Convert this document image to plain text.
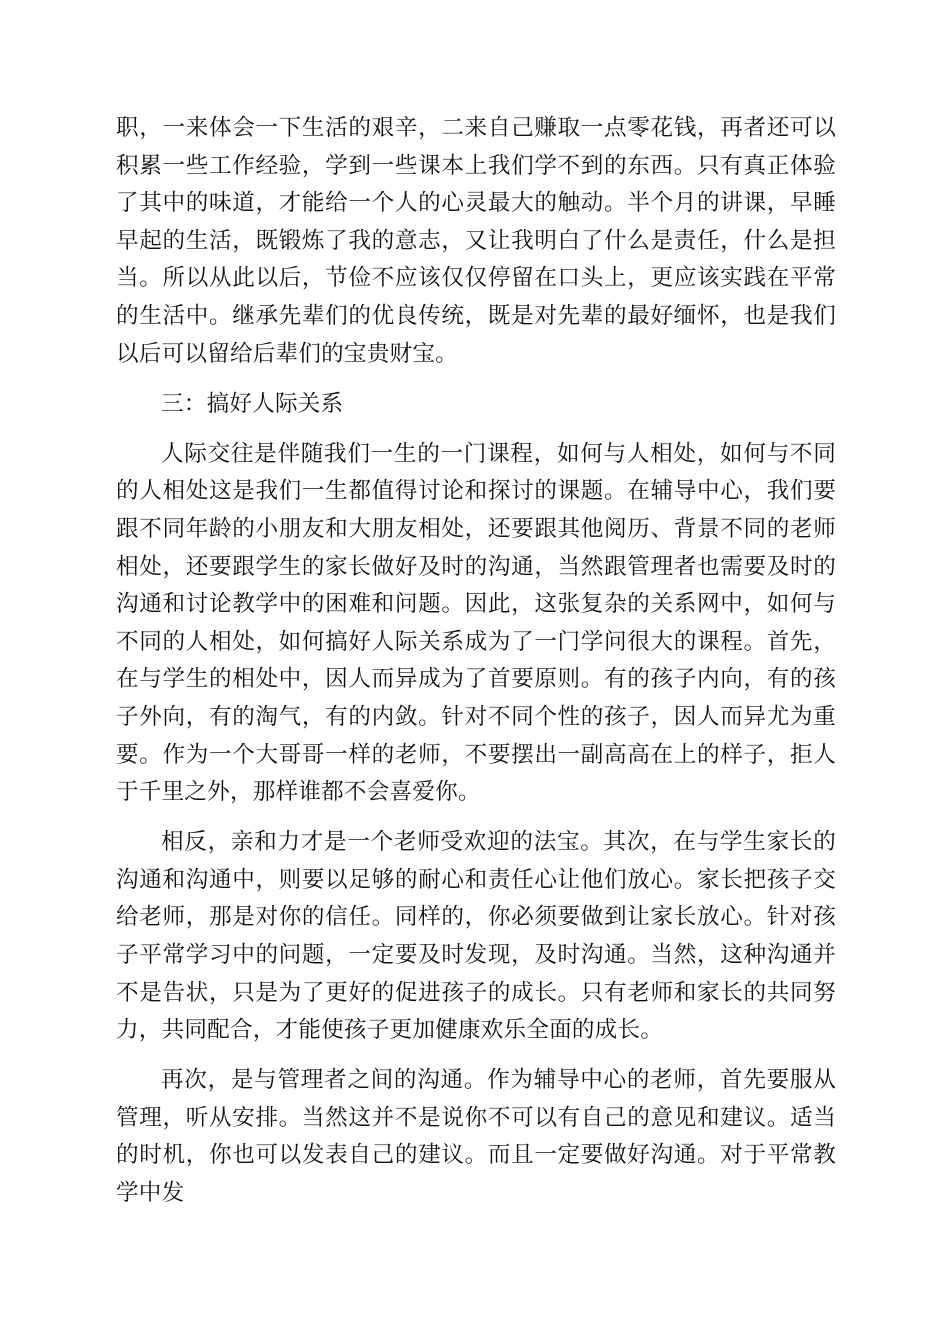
职，一来体会一下生活的艰辛，二来自己赚取一点零花钱，再者还可以积累一些工作经验，学到一些课本上我们学不到的东西。只有真正体验了其中的味道，才能给一个人的心灵最大的触动。半个月的讲课，早睡早起的生活，既锻炼了我的意志，又让我明白了什么是责任，什么是担当。所以从此以后，节俭不应该仅仅停留在口头上，更应该实践在平常的生活中。继承先辈们的优良传统，既是对先辈的最好缅怀，也是我们以后可以留给后辈们的宝贵财宝。

三：搞好人际关系

人际交往是伴随我们一生的一门课程，如何与人相处，如何与不同的人相处这是我们一生都值得讨论和探讨的课题。在辅导中心，我们要跟不同年龄的小朋友和大朋友相处，还要跟其他阅历、背景不同的老师相处，还要跟学生的家长做好及时的沟通，当然跟管理者也需要及时的沟通和讨论教学中的困难和问题。因此，这张复杂的关系网中，如何与不同的人相处，如何搞好人际关系成为了一门学问很大的课程。首先，在与学生的相处中，因人而异成为了首要原则。有的孩子内向，有的孩子外向，有的淘气，有的内敛。针对不同个性的孩子，因人而异尤为重要。作为一个大哥哥一样的老师，不要摆出一副高高在上的样子，拒人于千里之外，那样谁都不会喜爱你。

相反，亲和力才是一个老师受欢迎的法宝。其次，在与学生家长的沟通和沟通中，则要以足够的耐心和责任心让他们放心。家长把孩子交给老师，那是对你的信任。同样的，你必须要做到让家长放心。针对孩子平常学习中的问题，一定要及时发现，及时沟通。当然，这种沟通并不是告状，只是为了更好的促进孩子的成长。只有老师和家长的共同努力，共同配合，才能使孩子更加健康欢乐全面的成长。

再次，是与管理者之间的沟通。作为辅导中心的老师，首先要服从管理，听从安排。当然这并不是说你不可以有自己的意见和建议。适当的时机，你也可以发表自己的建议。而且一定要做好沟通。对于平常教学中发
